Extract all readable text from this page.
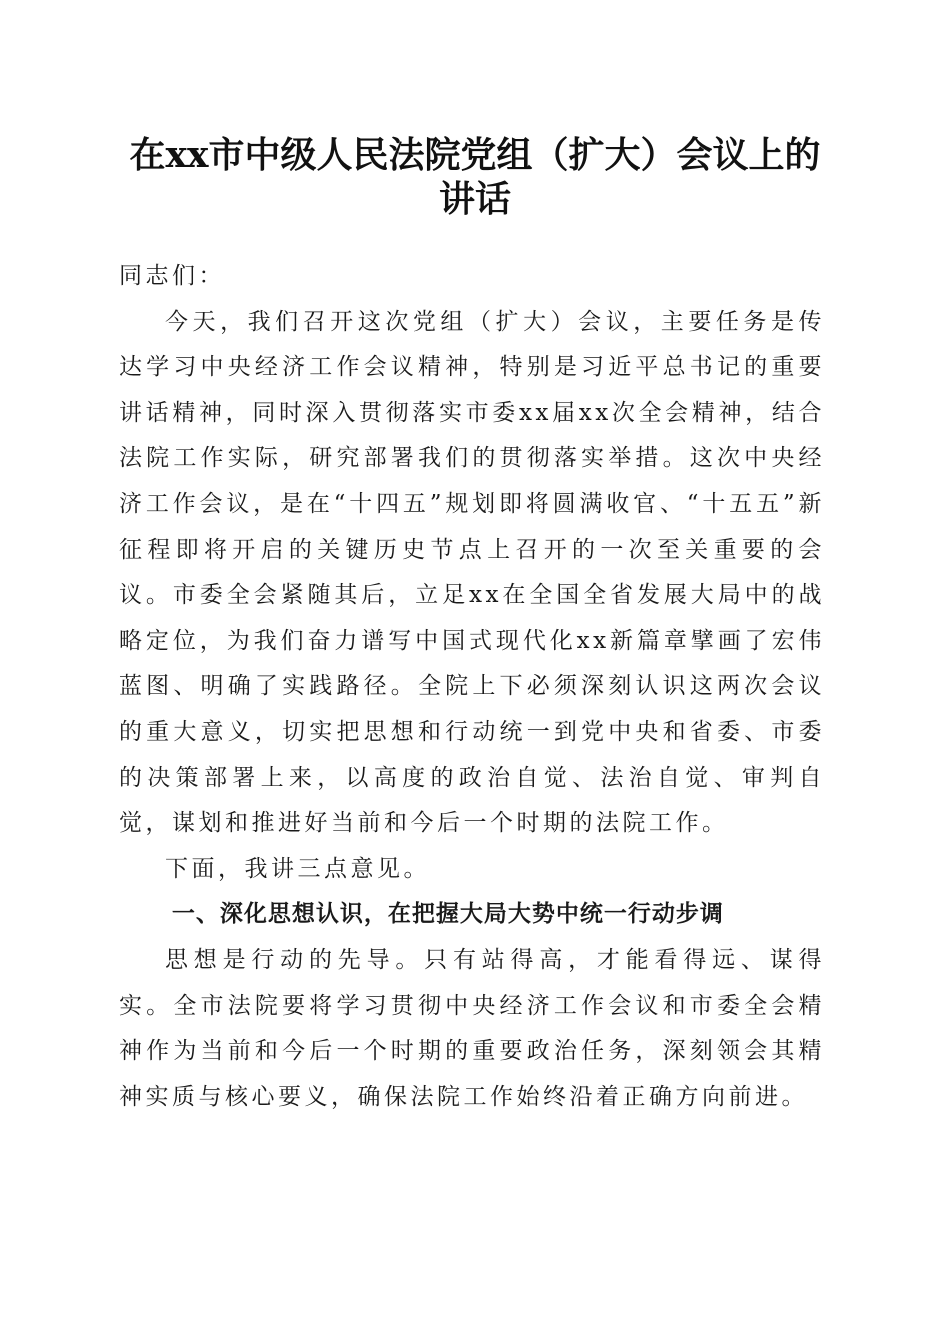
在xx市中级人民法院党组（扩大）会议上的
讲话

同志们：

今天，我们召开这次党组（扩大）会议，主要任务是传达学习中央经济工作会议精神，特别是习近平总书记的重要讲话精神，同时深入贯彻落实市委xx届xx次全会精神，结合法院工作实际，研究部署我们的贯彻落实举措。这次中央经济工作会议，是在“十四五”规划即将圆满收官、“十五五”新征程即将开启的关键历史节点上召开的一次至关重要的会议。市委全会紧随其后，立足xx在全国全省发展大局中的战略定位，为我们奋力谱写中国式现代化xx新篇章擘画了宏伟蓝图、明确了实践路径。全院上下必须深刻认识这两次会议的重大意义，切实把思想和行动统一到党中央和省委、市委的决策部署上来，以高度的政治自觉、法治自觉、审判自觉，谋划和推进好当前和今后一个时期的法院工作。

下面，我讲三点意见。

一、深化思想认识，在把握大局大势中统一行动步调

思想是行动的先导。只有站得高，才能看得远、谋得实。全市法院要将学习贯彻中央经济工作会议和市委全会精神作为当前和今后一个时期的重要政治任务，深刻领会其精神实质与核心要义，确保法院工作始终沿着正确方向前进。
